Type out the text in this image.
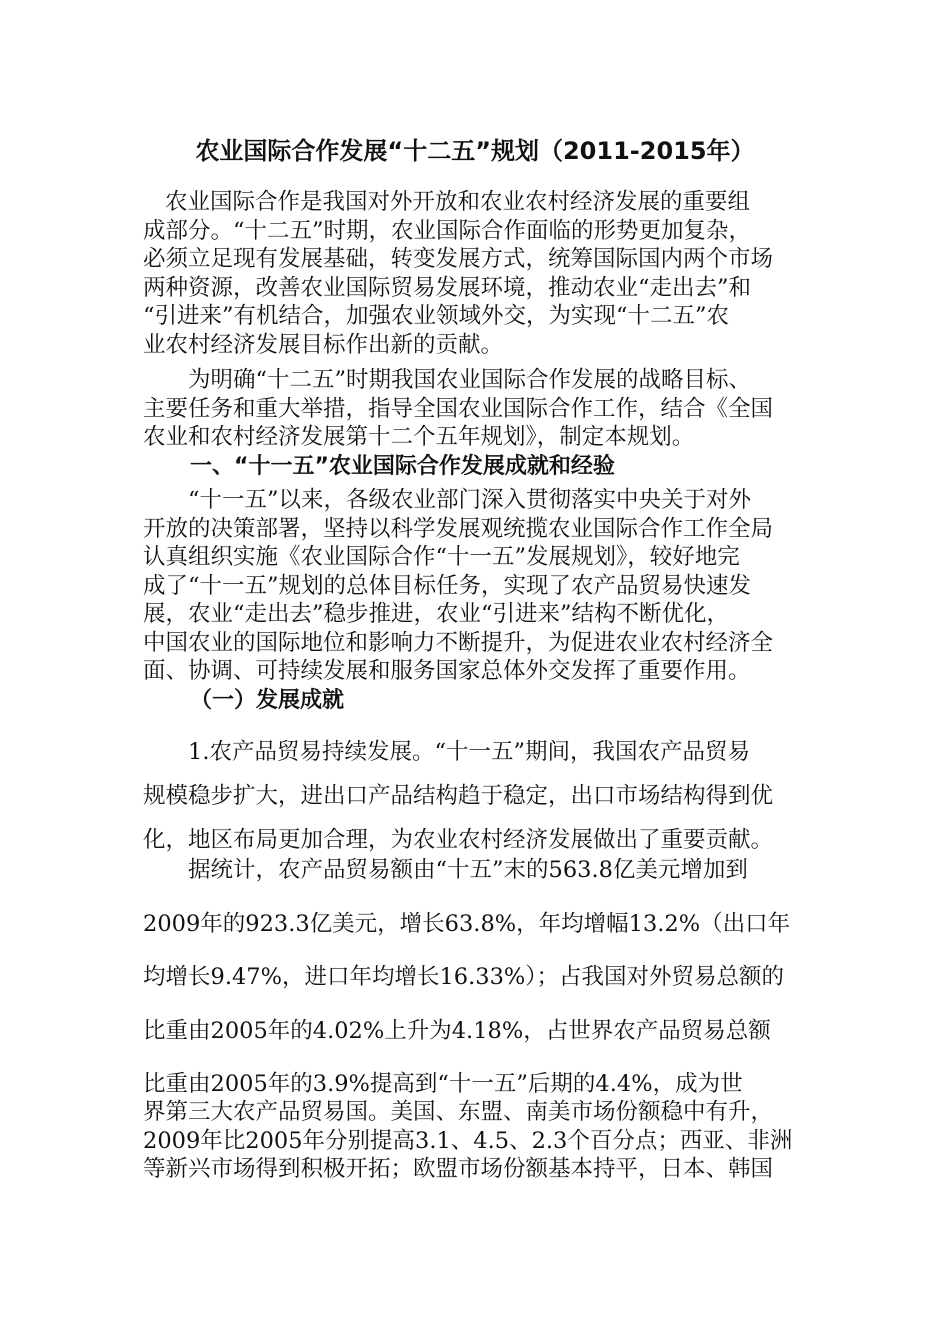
农业国际合作发展“十二五”规划（2011-2015年）

农业国际合作是我国对外开放和农业农村经济发展的重要组
成部分。“十二五”时期，农业国际合作面临的形势更加复杂，
必须立足现有发展基础，转变发展方式，统筹国际国内两个市场
两种资源，改善农业国际贸易发展环境，推动农业“走出去”和
“引进来”有机结合，加强农业领域外交，为实现“十二五”农
业农村经济发展目标作出新的贡献。

为明确“十二五”时期我国农业国际合作发展的战略目标、
主要任务和重大举措，指导全国农业国际合作工作，结合《全国
农业和农村经济发展第十二个五年规划》，制定本规划。

一、“十一五”农业国际合作发展成就和经验

“十一五”以来，各级农业部门深入贯彻落实中央关于对外
开放的决策部署，坚持以科学发展观统揽农业国际合作工作全局
认真组织实施《农业国际合作“十一五”发展规划》，较好地完
成了“十一五”规划的总体目标任务，实现了农产品贸易快速发
展，农业“走出去”稳步推进，农业“引进来”结构不断优化，
中国农业的国际地位和影响力不断提升，为促进农业农村经济全
面、协调、可持续发展和服务国家总体外交发挥了重要作用。

（一）发展成就

1.农产品贸易持续发展。“十一五”期间，我国农产品贸易
规模稳步扩大，进出口产品结构趋于稳定，出口市场结构得到优
化，地区布局更加合理，为农业农村经济发展做出了重要贡献。

据统计，农产品贸易额由“十五”末的563.8亿美元增加到
2009年的923.3亿美元，增长63.8%，年均增幅13.2%（出口年
均增长9.47%，进口年均增长16.33%）；占我国对外贸易总额的
比重由2005年的4.02%上升为4.18%，占世界农产品贸易总额
比重由2005年的3.9%提高到“十一五”后期的4.4%，成为世

界第三大农产品贸易国。美国、东盟、南美市场份额稳中有升，
2009年比2005年分别提高3.1、4.5、2.3个百分点；西亚、非洲
等新兴市场得到积极开拓；欧盟市场份额基本持平，日本、韩国
